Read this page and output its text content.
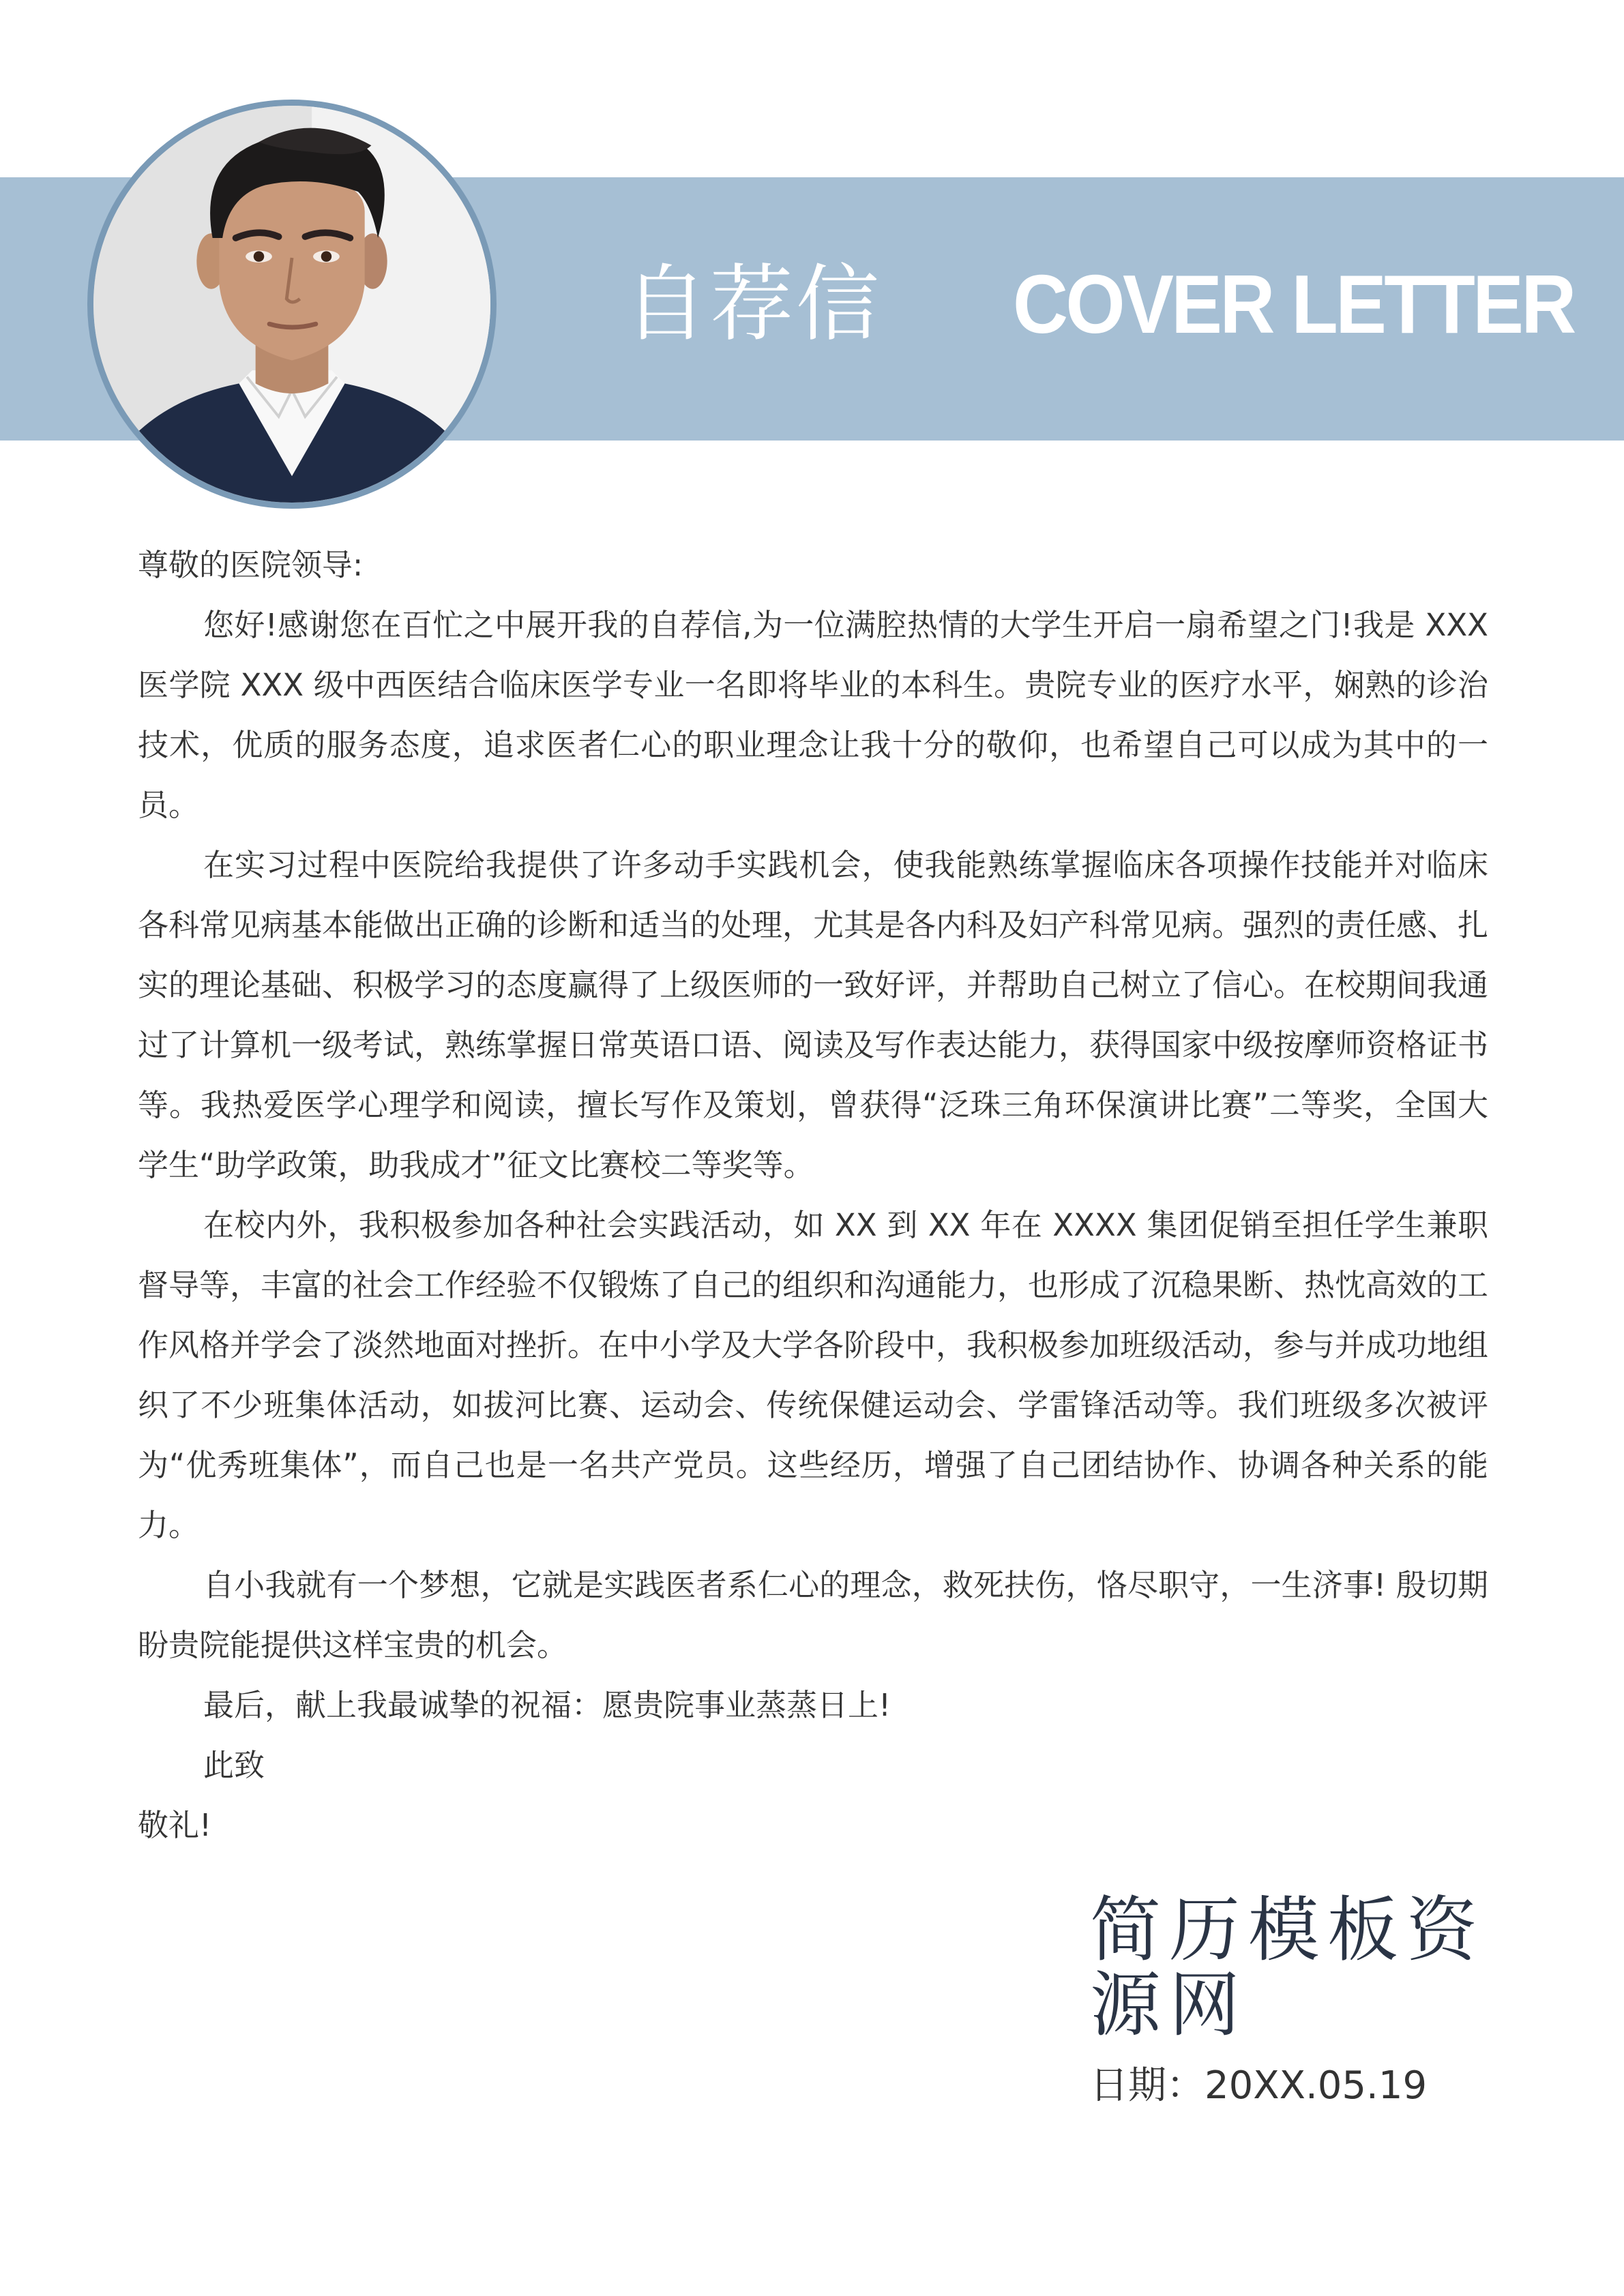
自荐信 COVER LETTER

尊敬的医院领导:

您好!感谢您在百忙之中展开我的自荐信,为一位满腔热情的大学生开启一扇希望之门!我是 XXX 医学院 XXX 级中西医结合临床医学专业一名即将毕业的本科生。贵院专业的医疗水平，娴熟的诊治技术，优质的服务态度，追求医者仁心的职业理念让我十分的敬仰，也希望自己可以成为其中的一员。

在实习过程中医院给我提供了许多动手实践机会，使我能熟练掌握临床各项操作技能并对临床各科常见病基本能做出正确的诊断和适当的处理，尤其是各内科及妇产科常见病。强烈的责任感、扎实的理论基础、积极学习的态度赢得了上级医师的一致好评，并帮助自己树立了信心。在校期间我通过了计算机一级考试，熟练掌握日常英语口语、阅读及写作表达能力，获得国家中级按摩师资格证书等。我热爱医学心理学和阅读，擅长写作及策划，曾获得“泛珠三角环保演讲比赛”二等奖，全国大学生“助学政策，助我成才”征文比赛校二等奖等。

在校内外，我积极参加各种社会实践活动，如 XX 到 XX 年在 XXXX 集团促销至担任学生兼职督导等，丰富的社会工作经验不仅锻炼了自己的组织和沟通能力，也形成了沉稳果断、热忱高效的工作风格并学会了淡然地面对挫折。在中小学及大学各阶段中，我积极参加班级活动，参与并成功地组织了不少班集体活动，如拔河比赛、运动会、传统保健运动会、学雷锋活动等。我们班级多次被评为“优秀班集体”，而自己也是一名共产党员。这些经历，增强了自己团结协作、协调各种关系的能力。

自小我就有一个梦想，它就是实践医者系仁心的理念，救死扶伤，恪尽职守，一生济事! 殷切期盼贵院能提供这样宝贵的机会。

最后，献上我最诚挚的祝福：愿贵院事业蒸蒸日上!

此致

敬礼!

简历模板资源网
日期：20XX.05.19
